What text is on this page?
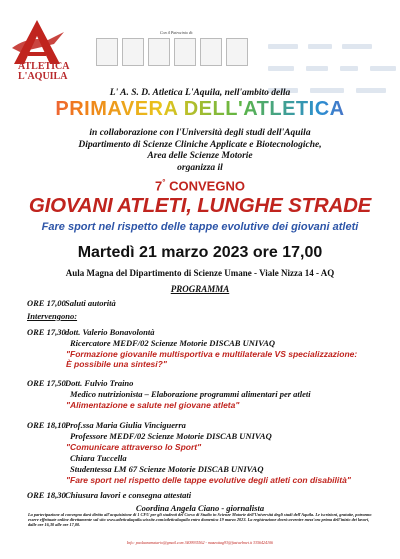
ATLETICA
L'AQUILA
Con il Patrocinio di:

L' A. S. D. Atletica L'Aquila, nell'ambito della
PRIMAVERA DELL'ATLETICA
in collaborazione con l'Università degli studi dell'Aquila
Dipartimento di Scienze Cliniche Applicate e Biotecnologiche,
Area delle Scienze Motorie
organizza il
7° CONVEGNO
GIOVANI ATLETI, LUNGHE STRADE
Fare sport nel rispetto delle tappe evolutive dei giovani atleti
Martedì 21 marzo 2023 ore 17,00
Aula Magna del Dipartimento di Scienze Umane - Viale Nizza 14 - AQ
PROGRAMMA
ORE 17,00Saluti autorità
Intervengono:
ORE 17,30dott. Valerio Bonavolontà
Ricercatore MEDF/02 Scienze Motorie DISCAB UNIVAQ
"Formazione giovanile multisportiva e multilaterale VS specializzazione:
È possibile una sintesi?"
ORE 17,50Dott. Fulvio Traino
Medico nutrizionista – Elaborazione programmi alimentari per atleti
"Alimentazione e salute nel giovane atleta"
ORE 18,10Prof.ssa Maria Giulia Vinciguerra
Professore MEDF/02 Scienze Motorie DISCAB UNIVAQ
"Comunicare attraverso lo Sport"
Chiara Tuccella
Studentessa LM 67 Scienze Motorie DISCAB UNIVAQ
"Fare sport nel rispetto delle tappe evolutive degli atleti con disabilità"
ORE 18,30Chiusura lavori e consegna attestati
Coordina Angela Ciano - giornalista
La partecipazione al convegno darà diritto all'acquisizione di 1 CFU per gli studenti del Corso di Studio in Scienze Motorie dell'Università degli studi dell'Aquila. Le iscrizioni, gratuite, potranno essere effettuate online direttamente sul sito www.atleticalaquila.wixsite.com/atleticalaquila entro domenica 19 marzo 2023. La registrazione dovrà avvenire mezz'ora prima dell'inizio dei lavori, dalle ore 16,30 alle ore 17,00.
Info: paolaaramatario@gmail.com 3409935562 - mazzottag93@fastwebnet.it 3356424106
